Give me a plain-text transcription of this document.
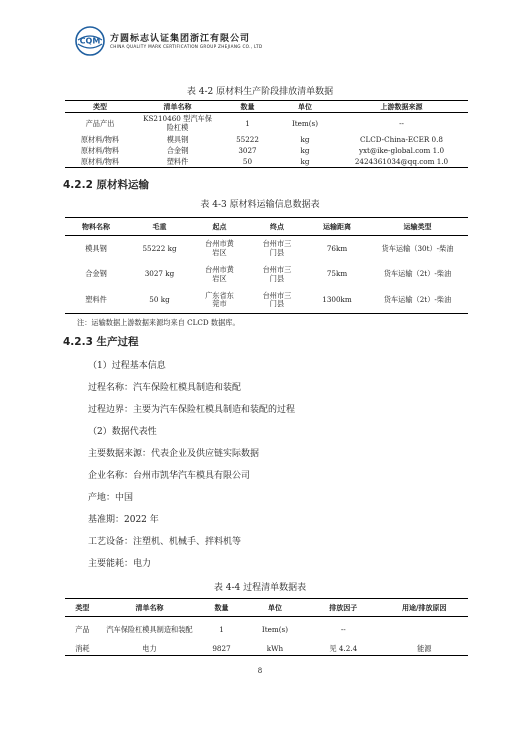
CQM 方圆标志认证集团浙江有限公司
CHINA QUALITY MARK CERTIFICATION GROUP ZHEJIANG CO., LTD
表 4-2 原材料生产阶段排放清单数据
类型	清单名称	数量	单位	上游数据来源
产品产出	KS210460 型汽车保险杠模	1	Item(s)	--
原材料/物料	模具钢	55222	kg	CLCD-China-ECER 0.8
原材料/物料	合金钢	3027	kg	yxt@ike-global.com 1.0
原材料/物料	塑料件	50	kg	2424361034@qq.com 1.0
4.2.2 原材料运输
表 4-3 原材料运输信息数据表
物料名称	毛重	起点	终点	运输距离	运输类型
模具钢	55222 kg	台州市黄岩区	台州市三门县	76km	货车运输（30t）-柴油
合金钢	3027 kg	台州市黄岩区	台州市三门县	75km	货车运输（2t）-柴油
塑料件	50 kg	广东省东莞市	台州市三门县	1300km	货车运输（2t）-柴油
注：运输数据上游数据来源均来自 CLCD 数据库。
4.2.3 生产过程
（1）过程基本信息
过程名称：汽车保险杠模具制造和装配
过程边界：主要为汽车保险杠模具制造和装配的过程
（2）数据代表性
主要数据来源：代表企业及供应链实际数据
企业名称：台州市凯华汽车模具有限公司
产地：中国
基准期：2022 年
工艺设备：注塑机、机械手、拌料机等
主要能耗：电力
表 4-4 过程清单数据表
类型	清单名称	数量	单位	排放因子	用途/排放原因
产品	汽车保险杠模具制造和装配	1	Item(s)	--	
消耗	电力	9827	kWh	见 4.2.4	能源
8
